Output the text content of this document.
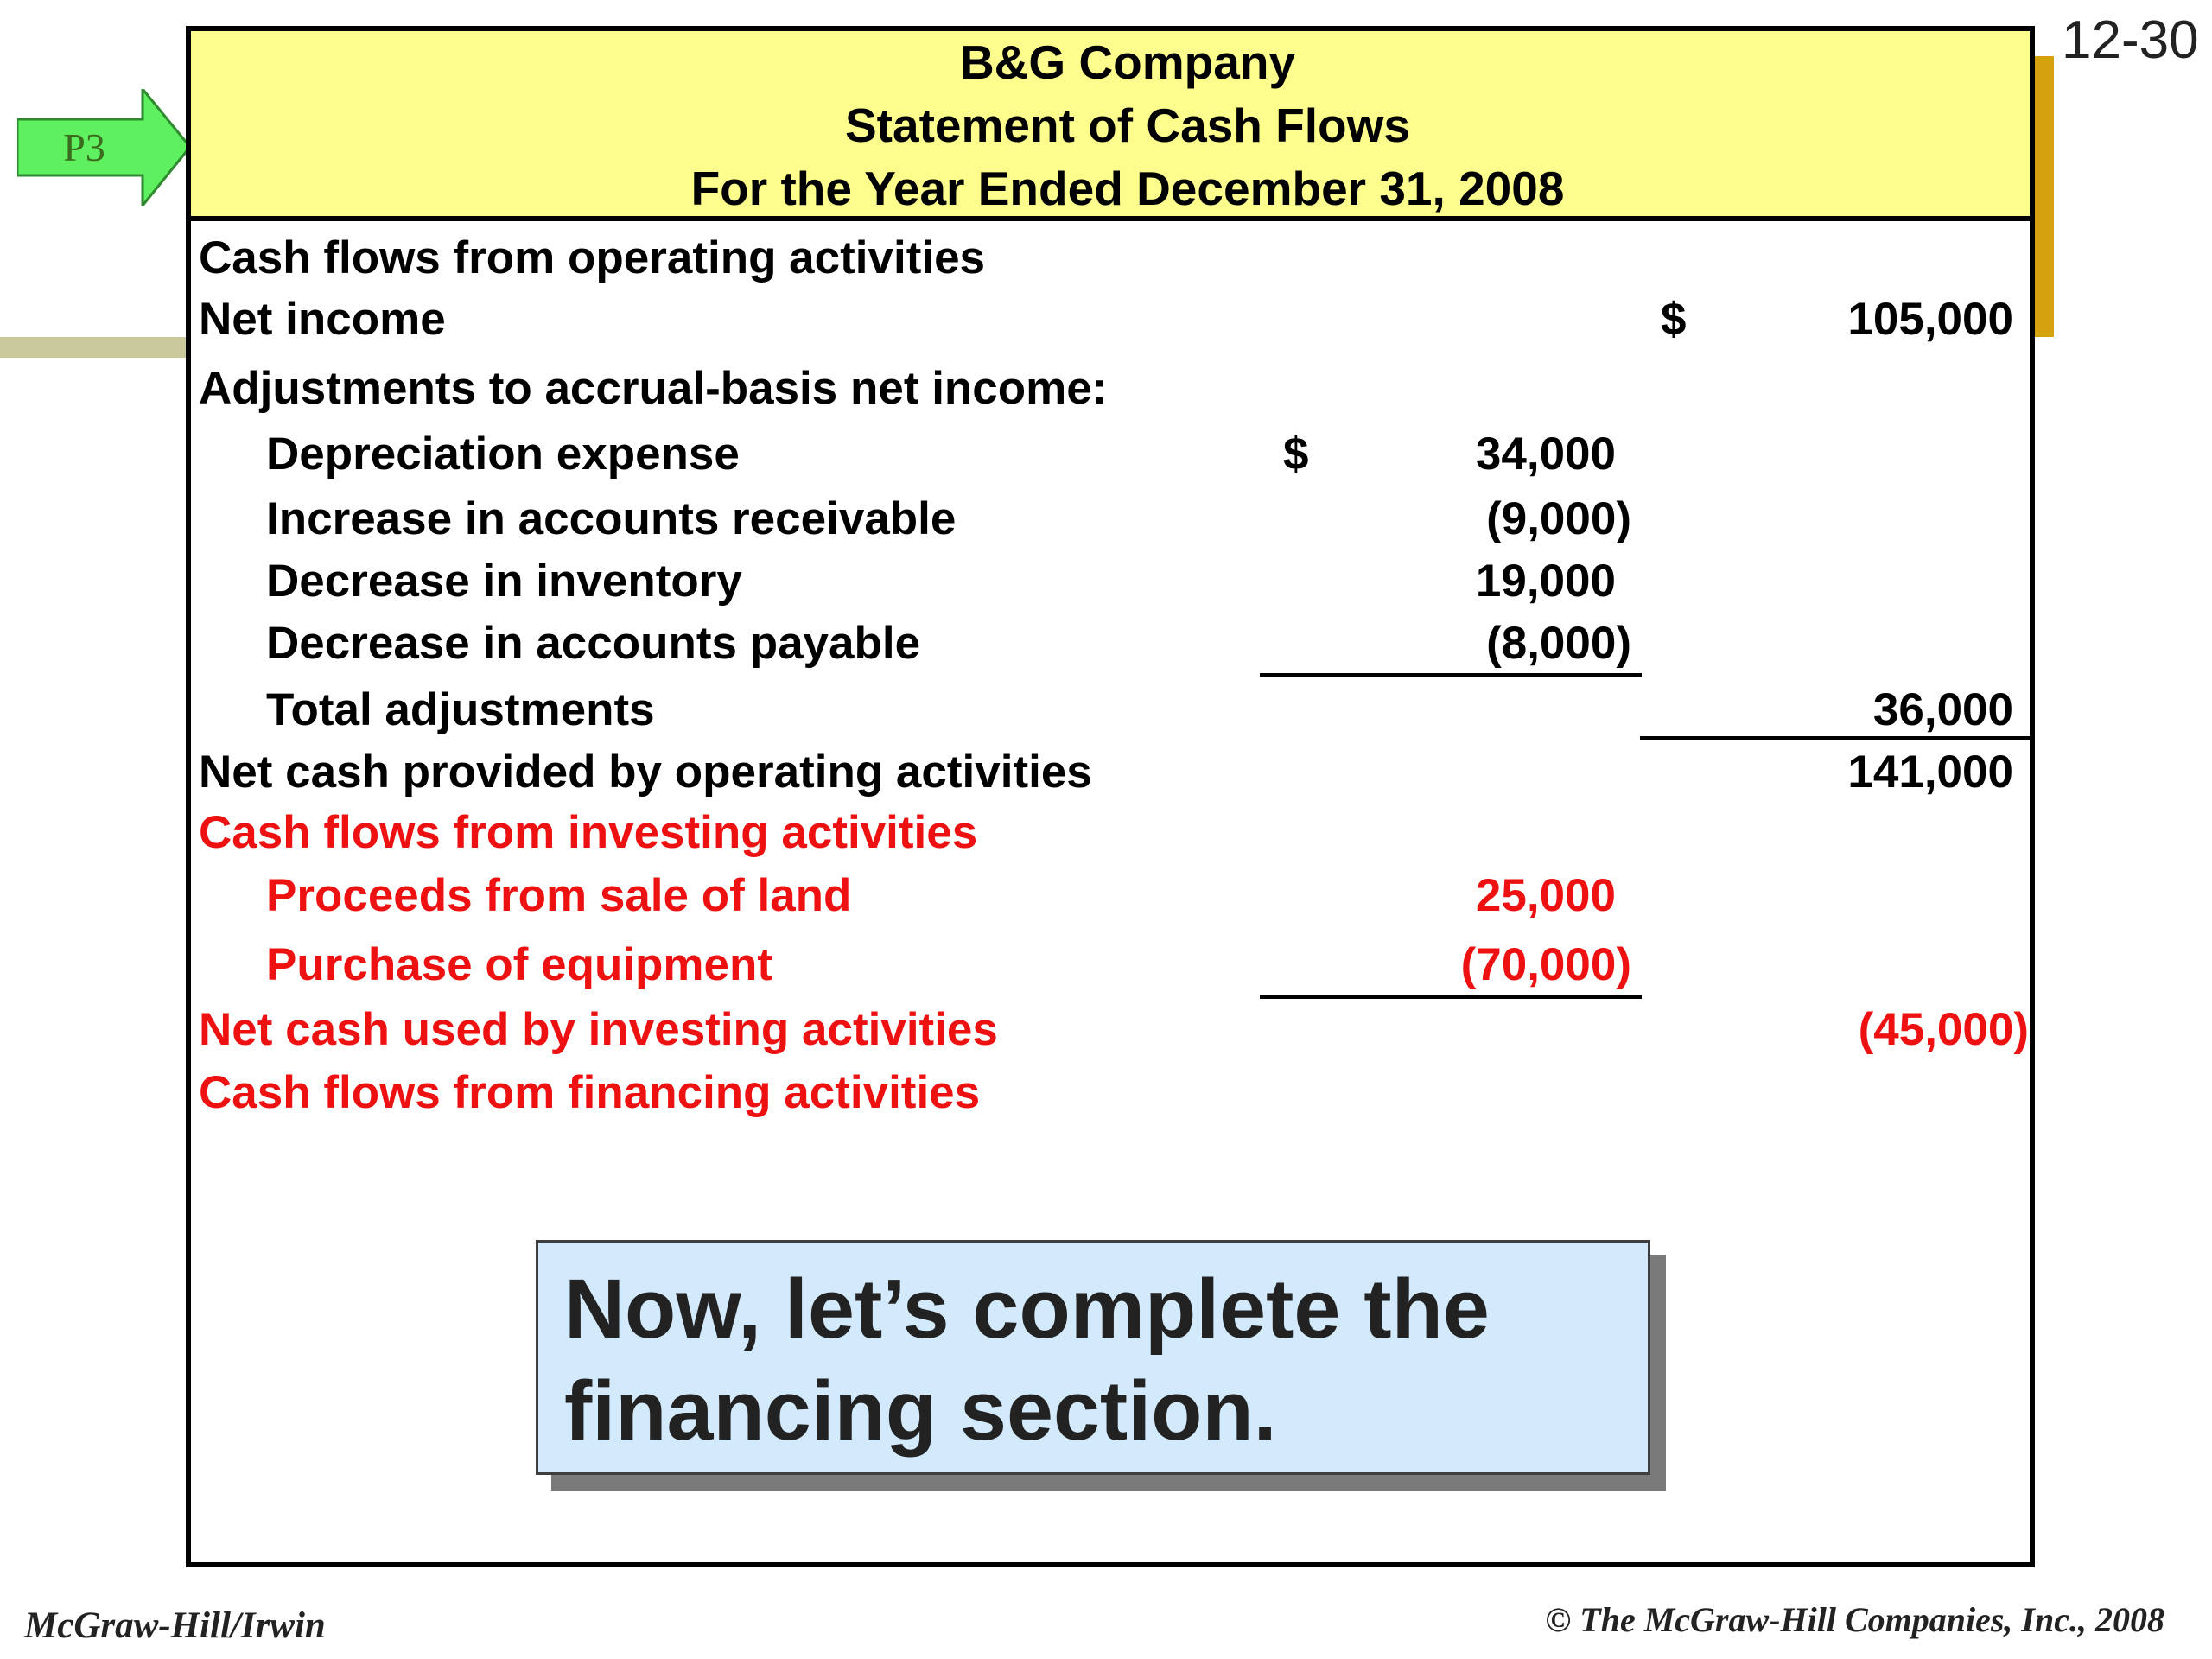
12-30
P3
B&G Company
Statement of Cash Flows
For the Year Ended December 31, 2008
Cash flows from operating activities
Net income	$	105,000
Adjustments to accrual-basis net income:
Depreciation expense	$	34,000
Increase in accounts receivable	(9,000)
Decrease in inventory	19,000
Decrease in accounts payable	(8,000)
Total adjustments	36,000
Net cash provided by operating activities	141,000
Cash flows from investing activities
Proceeds from sale of land	25,000
Purchase of equipment	(70,000)
Net cash used by investing activities	(45,000)
Cash flows from financing activities
Now, let’s complete the
financing section.
McGraw-Hill/Irwin	© The McGraw-Hill Companies, Inc., 2008
